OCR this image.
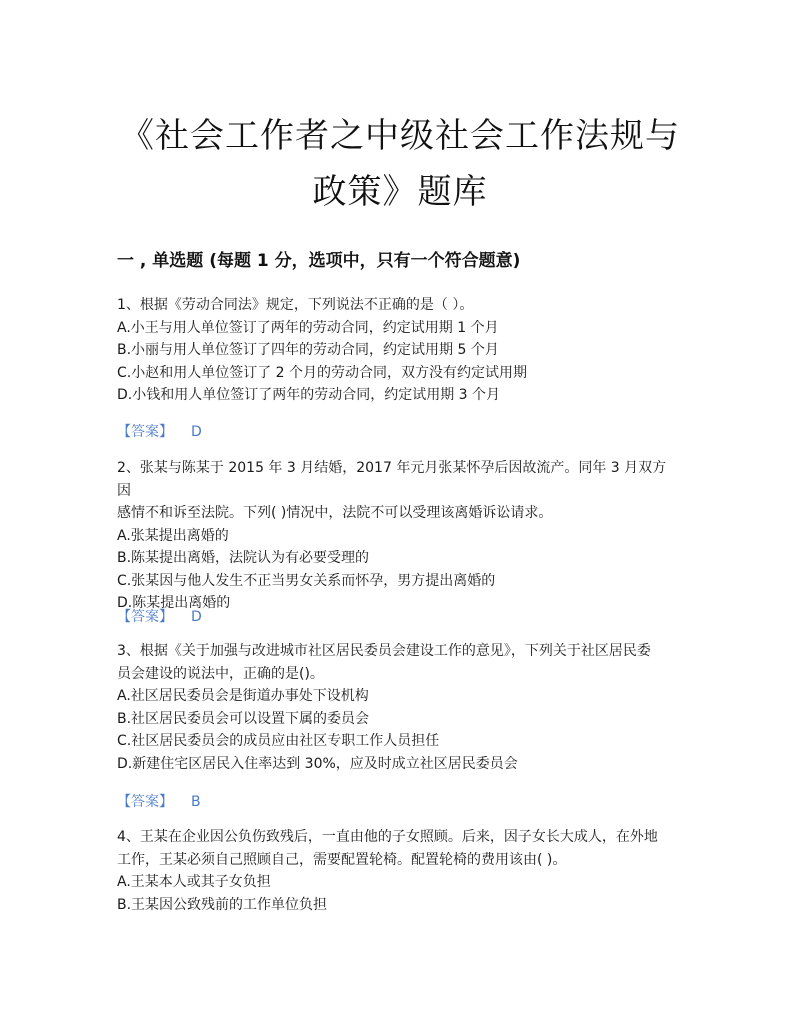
《社会工作者之中级社会工作法规与
政策》题库
一 , 单选题 (每题 1 分，选项中，只有一个符合题意)

1、根据《劳动合同法》规定，下列说法不正确的是（ ）。

A.小王与用人单位签订了两年的劳动合同，约定试用期 1 个月

B.小丽与用人单位签订了四年的劳动合同，约定试用期 5 个月

C.小赵和用人单位签订了 2 个月的劳动合同，双方没有约定试用期

D.小钱和用人单位签订了两年的劳动合同，约定试用期 3 个月

【答案】 D

2、张某与陈某于 2015 年 3 月结婚，2017 年元月张某怀孕后因故流产。同年 3 月双方因

感情不和诉至法院。下列( )情况中，法院不可以受理该离婚诉讼请求。

A.张某提出离婚的

B.陈某提出离婚，法院认为有必要受理的

C.张某因与他人发生不正当男女关系而怀孕，男方提出离婚的

D.陈某提出离婚的

【答案】 D

3、根据《关于加强与改进城市社区居民委员会建设工作的意见》，下列关于社区居民委

员会建设的说法中，正确的是()。

A.社区居民委员会是街道办事处下设机构

B.社区居民委员会可以设置下属的委员会

C.社区居民委员会的成员应由社区专职工作人员担任

D.新建住宅区居民入住率达到 30%，应及时成立社区居民委员会

【答案】 B

4、王某在企业因公负伤致残后，一直由他的子女照顾。后来，因子女长大成人，在外地

工作，王某必须自己照顾自己，需要配置轮椅。配置轮椅的费用该由( )。

A.王某本人或其子女负担

B.王某因公致残前的工作单位负担
